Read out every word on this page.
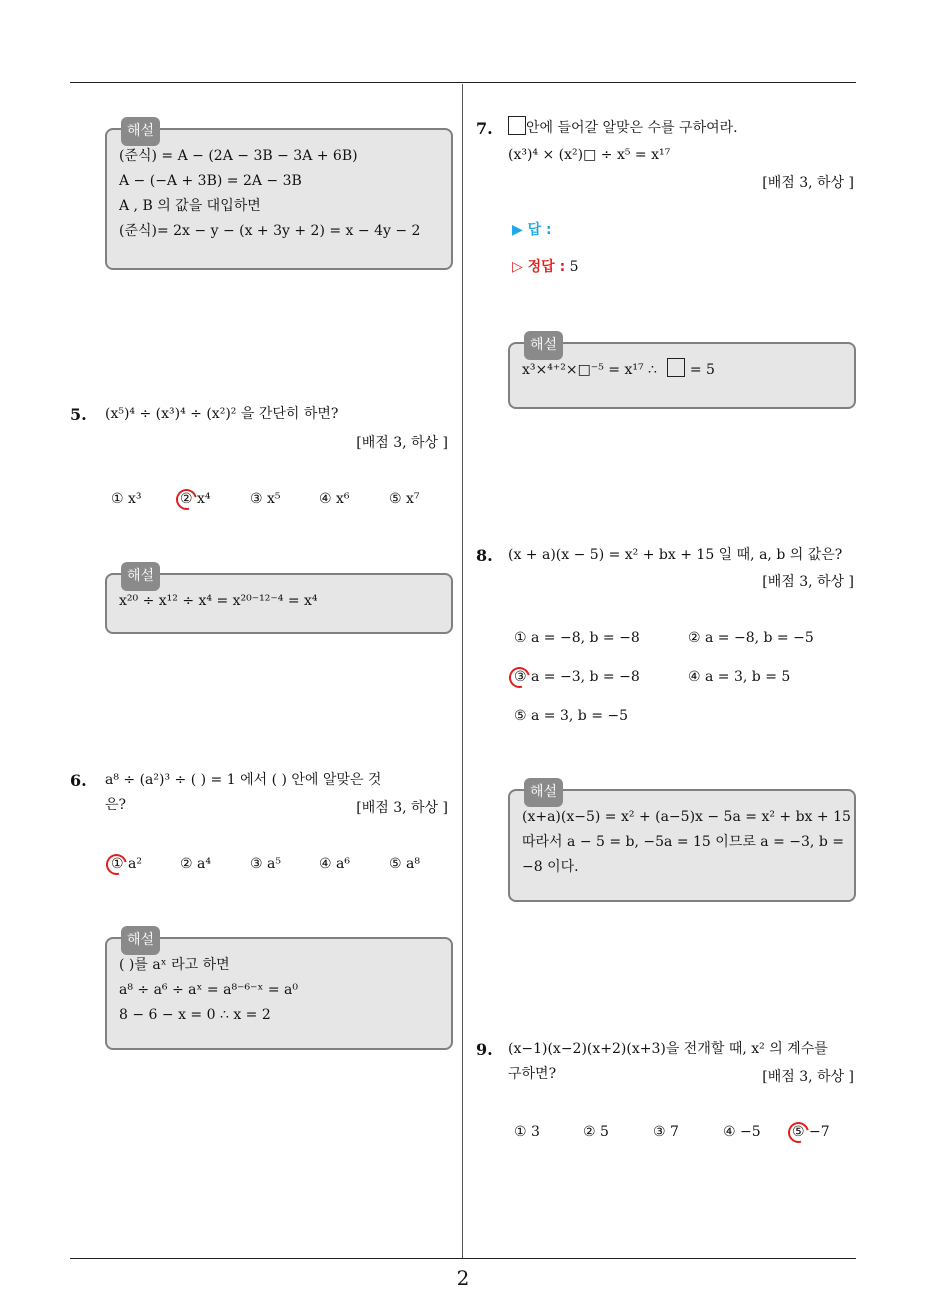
해설
(준식) = A − (2A − 3B − 3A + 6B)
A − (−A + 3B) = 2A − 3B
A , B 의 값을 대입하면
(준식)= 2x − y − (x + 3y + 2) = x − 4y − 2
5. (x⁵)⁴ ÷ (x³)⁴ ÷ (x²)² 을 간단히 하면?
[배점 3, 하상 ]
① x³	② x⁴	③ x⁵	④ x⁶	⑤ x⁷
해설
x²⁰ ÷ x¹² ÷ x⁴ = x²⁰⁻¹²⁻⁴ = x⁴
6. a⁸ ÷ (a²)³ ÷ ( ) = 1 에서 ( ) 안에 알맞은 것
은?	[배점 3, 하상 ]
① a²	② a⁴	③ a⁵	④ a⁶	⑤ a⁸
해설
( )를 aˣ 라고 하면
a⁸ ÷ a⁶ ÷ aˣ = a⁸⁻⁶⁻ˣ = a⁰
8 − 6 − x = 0 ∴ x = 2
7.	안에 들어갈 알맞은 수를 구하여라.
(x³)⁴ × (x²)□ ÷ x⁵ = x¹⁷
[배점 3, 하상 ]
▶ 답 :
▷ 정답 : 5
해설
x³×⁴⁺²×□⁻⁵ = x¹⁷ ∴ = 5
8. (x + a)(x − 5) = x² + bx + 15 일 때, a, b 의 값은?
[배점 3, 하상 ]
① a = −8, b = −8	② a = −8, b = −5
③ a = −3, b = −8	④ a = 3, b = 5
⑤ a = 3, b = −5
해설
(x+a)(x−5) = x² + (a−5)x − 5a = x² + bx + 15
따라서 a − 5 = b, −5a = 15 이므로 a = −3, b =
−8 이다.
9. (x−1)(x−2)(x+2)(x+3)을 전개할 때, x² 의 계수를
구하면?	[배점 3, 하상 ]
① 3	② 5	③ 7	④ −5 ⑤ −7
2
